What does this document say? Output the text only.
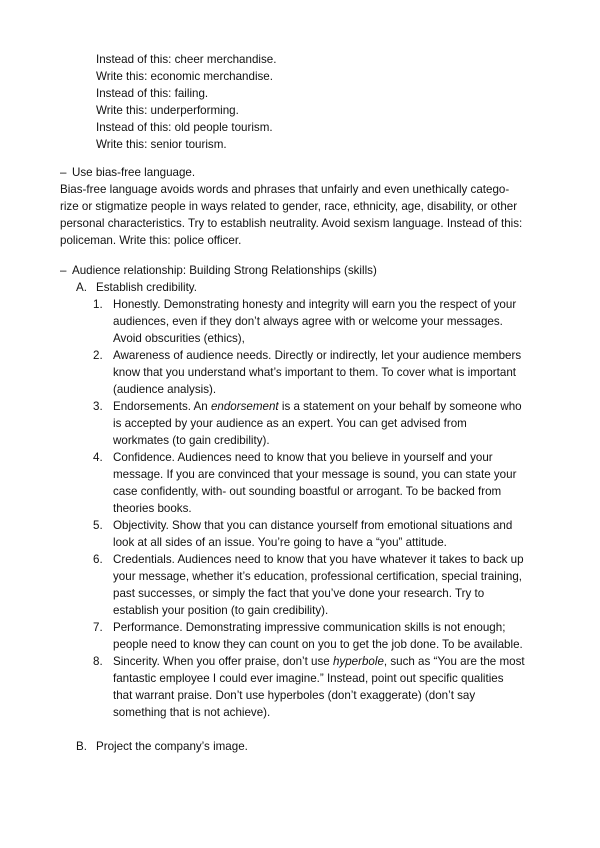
Instead of this: cheer merchandise.
Write this: economic merchandise.
Instead of this: failing.
Write this: underperforming.
Instead of this: old people tourism.
Write this: senior tourism.
– Use bias-free language.
Bias-free language avoids words and phrases that unfairly and even unethically catego-
rize or stigmatize people in ways related to gender, race, ethnicity, age, disability, or other
personal characteristics. Try to establish neutrality. Avoid sexism language. Instead of this:
policeman. Write this: police officer.
– Audience relationship: Building Strong Relationships (skills)
A. Establish credibility.
1. Honestly. Demonstrating honesty and integrity will earn you the respect of your
audiences, even if they don’t always agree with or welcome your messages.
Avoid obscurities (ethics),
2. Awareness of audience needs. Directly or indirectly, let your audience members
know that you understand what’s important to them. To cover what is important
(audience analysis).
3. Endorsements. An endorsement is a statement on your behalf by someone who
is accepted by your audience as an expert. You can get advised from
workmates (to gain credibility).
4. Confidence. Audiences need to know that you believe in yourself and your
message. If you are convinced that your message is sound, you can state your
case confidently, with- out sounding boastful or arrogant. To be backed from
theories books.
5. Objectivity. Show that you can distance yourself from emotional situations and
look at all sides of an issue. You’re going to have a “you” attitude.
6. Credentials. Audiences need to know that you have whatever it takes to back up
your message, whether it’s education, professional certification, special training,
past successes, or simply the fact that you’ve done your research. Try to
establish your position (to gain credibility).
7. Performance. Demonstrating impressive communication skills is not enough;
people need to know they can count on you to get the job done. To be available.
8. Sincerity. When you offer praise, don’t use hyperbole, such as “You are the most
fantastic employee I could ever imagine.” Instead, point out specific qualities
that warrant praise. Don’t use hyperboles (don’t exaggerate) (don’t say
something that is not achieve).
B. Project the company’s image.
